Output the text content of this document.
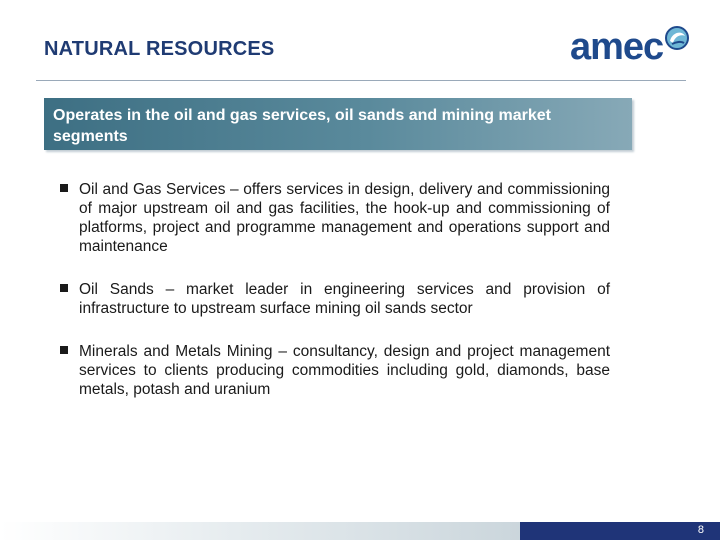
NATURAL RESOURCES	amec
Operates in the oil and gas services, oil sands and mining market segments
Oil and Gas Services – offers services in design, delivery and commissioning of major upstream oil and gas facilities, the hook-up and commissioning of platforms, project and programme management and operations support and maintenance
Oil Sands – market leader in engineering services and provision of infrastructure to upstream surface mining oil sands sector
Minerals and Metals Mining – consultancy, design and project management services to clients producing commodities including gold, diamonds, base metals, potash and uranium
8
